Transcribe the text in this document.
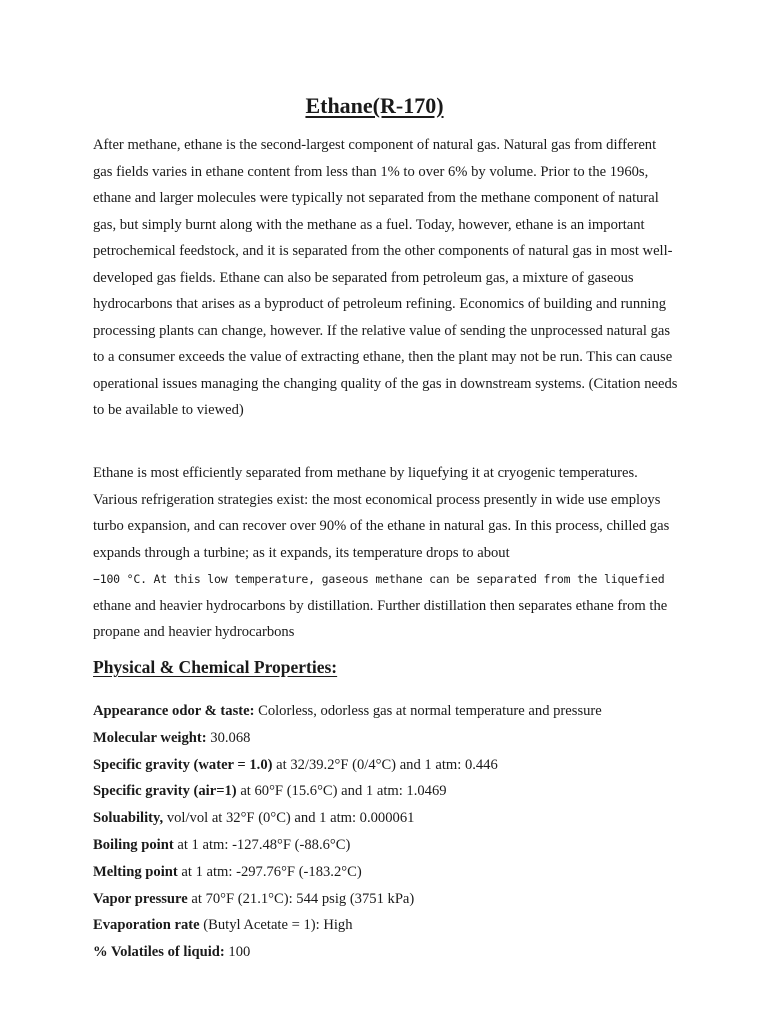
Ethane(R-170)

After methane, ethane is the second-largest component of natural gas. Natural gas from different gas fields varies in ethane content from less than 1% to over 6% by volume. Prior to the 1960s, ethane and larger molecules were typically not separated from the methane component of natural gas, but simply burnt along with the methane as a fuel. Today, however, ethane is an important petrochemical feedstock, and it is separated from the other components of natural gas in most well-developed gas fields. Ethane can also be separated from petroleum gas, a mixture of gaseous hydrocarbons that arises as a byproduct of petroleum refining. Economics of building and running processing plants can change, however. If the relative value of sending the unprocessed natural gas to a consumer exceeds the value of extracting ethane, then the plant may not be run. This can cause operational issues managing the changing quality of the gas in downstream systems. (Citation needs to be available to viewed)

Ethane is most efficiently separated from methane by liquefying it at cryogenic temperatures. Various refrigeration strategies exist: the most economical process presently in wide use employs turbo expansion, and can recover over 90% of the ethane in natural gas. In this process, chilled gas expands through a turbine; as it expands, its temperature drops to about
−100 °C. At this low temperature, gaseous methane can be separated from the liquefied
ethane and heavier hydrocarbons by distillation. Further distillation then separates ethane from the propane and heavier hydrocarbons

Physical & Chemical Properties:

Appearance odor & taste: Colorless, odorless gas at normal temperature and pressure

Molecular weight: 30.068

Specific gravity (water = 1.0) at 32/39.2°F (0/4°C) and 1 atm: 0.446

Specific gravity (air=1) at 60°F (15.6°C) and 1 atm: 1.0469

Soluability, vol/vol at 32°F (0°C) and 1 atm: 0.000061

Boiling point at 1 atm: -127.48°F (-88.6°C)

Melting point at 1 atm: -297.76°F (-183.2°C)

Vapor pressure at 70°F (21.1°C): 544 psig (3751 kPa)

Evaporation rate (Butyl Acetate = 1): High

% Volatiles of liquid: 100
